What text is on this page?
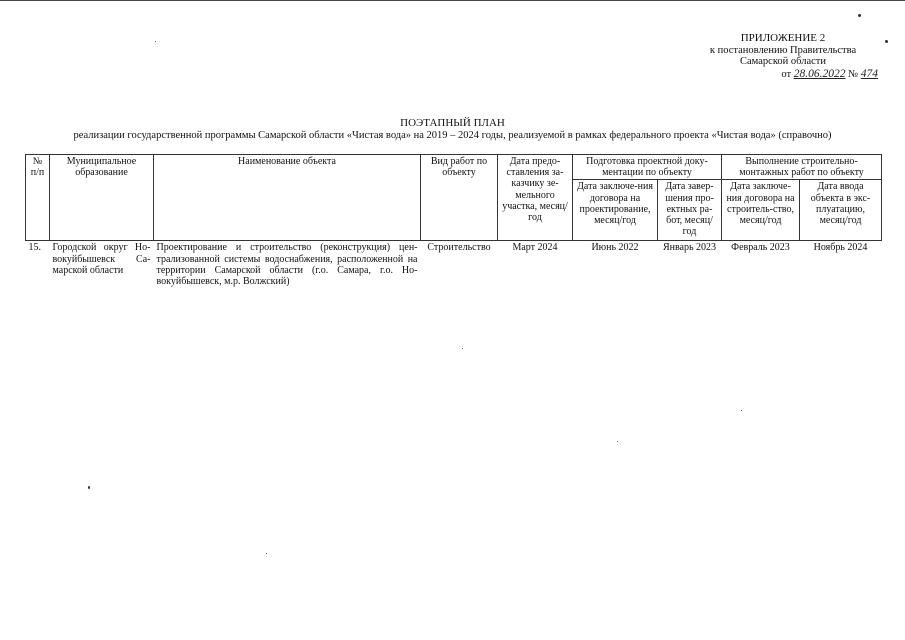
ПРИЛОЖЕНИЕ 2
к постановлению Правительства
Самарской области
от 28.06.2022 № 474
ПОЭТАПНЫЙ ПЛАН
реализации государственной программы Самарской области «Чистая вода» на 2019 – 2024 годы, реализуемой в рамках федерального проекта «Чистая вода» (справочно)
№ п/п	Муниципальное образование	Наименование объекта	Вид работ по объекту	Дата предо-ставления за-казчику зе-мельного участка, месяц/год	Подготовка проектной доку-ментации по объекту		Выполнение строительно-монтажных работ по объекту	
					Дата заключе-ния договора на проектирование, месяц/год	Дата завер-шения про-ектных ра-бот, месяц/год	Дата заключе-ния договора на строитель-ство, месяц/год	Дата ввода объекта в экс-плуатацию, месяц/год
15.	Городской округ Но-вокуйбышевск Са-марской области	Проектирование и строительство (реконструкция) цен-трализованной системы водоснабжения, расположенной на территории Самарской области (г.о. Самара, г.о. Но-вокуйбышевск, м.р. Волжский)	Строительство	Март 2024	Июнь 2022	Январь 2023	Февраль 2023	Ноябрь 2024
